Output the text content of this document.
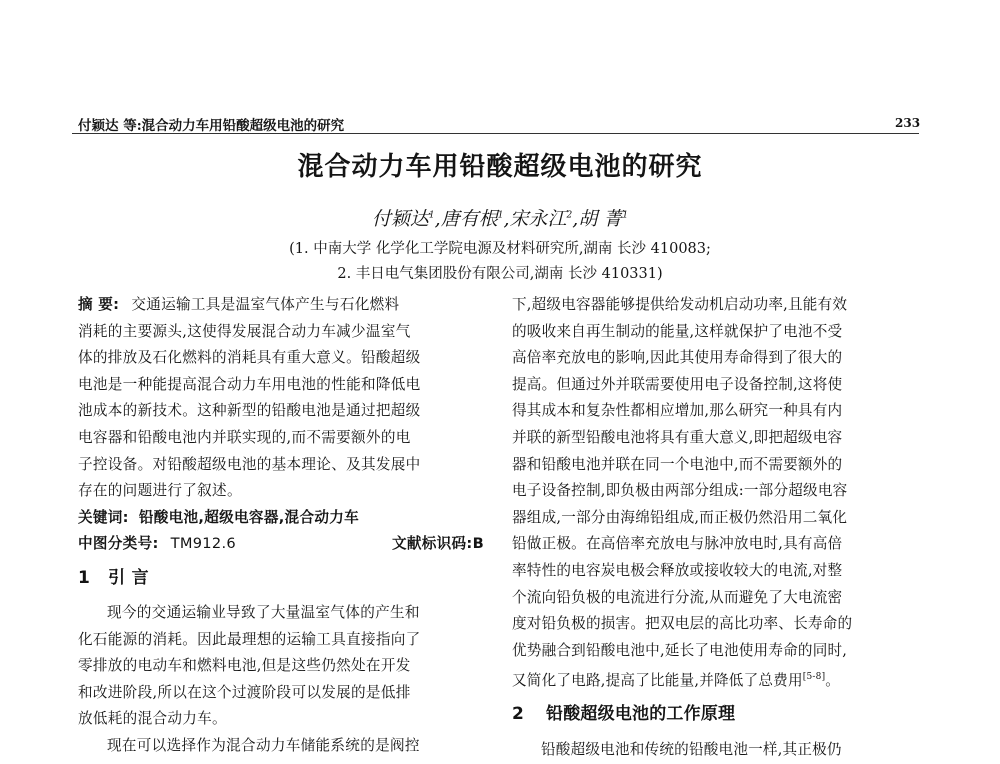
付颖达 等:混合动力车用铅酸超级电池的研究	233
混合动力车用铅酸超级电池的研究
付颖达$^1$,唐有根$^1$,宋永江$^2$,胡 菁$^1$
(1. 中南大学 化学化工学院电源及材料研究所,湖南 长沙 410083;
2. 丰日电气集团股份有限公司,湖南 长沙 410331)
摘 要: 交通运输工具是温室气体产生与石化燃料
消耗的主要源头,这使得发展混合动力车减少温室气
体的排放及石化燃料的消耗具有重大意义。铅酸超级
电池是一种能提高混合动力车用电池的性能和降低电
池成本的新技术。这种新型的铅酸电池是通过把超级
电容器和铅酸电池内并联实现的,而不需要额外的电
子控设备。对铅酸超级电池的基本理论、及其发展中
存在的问题进行了叙述。
关键词: 铅酸电池,超级电容器,混合动力车
中图分类号: TM912.6	文献标识码:B
1 引 言
现今的交通运输业导致了大量温室气体的产生和
化石能源的消耗。因此最理想的运输工具直接指向了
零排放的电动车和燃料电池,但是这些仍然处在开发
和改进阶段,所以在这个过渡阶段可以发展的是低排
放低耗的混合动力车。
现在可以选择作为混合动力车储能系统的是阀控
下,超级电容器能够提供给发动机启动功率,且能有效
的吸收来自再生制动的能量,这样就保护了电池不受
高倍率充放电的影响,因此其使用寿命得到了很大的
提高。但通过外并联需要使用电子设备控制,这将使
得其成本和复杂性都相应增加,那么研究一种具有内
并联的新型铅酸电池将具有重大意义,即把超级电容
器和铅酸电池并联在同一个电池中,而不需要额外的
电子设备控制,即负极由两部分组成:一部分超级电容
器组成,一部分由海绵铅组成,而正极仍然沿用二氧化
铅做正极。在高倍率充放电与脉冲放电时,具有高倍
率特性的电容炭电极会释放或接收较大的电流,对整
个流向铅负极的电流进行分流,从而避免了大电流密
度对铅负极的损害。把双电层的高比功率、长寿命的
优势融合到铅酸电池中,延长了电池使用寿命的同时,
又简化了电路,提高了比能量,并降低了总费用[5-8]。
2 铅酸超级电池的工作原理
铅酸超级电池和传统的铅酸电池一样,其正极仍
